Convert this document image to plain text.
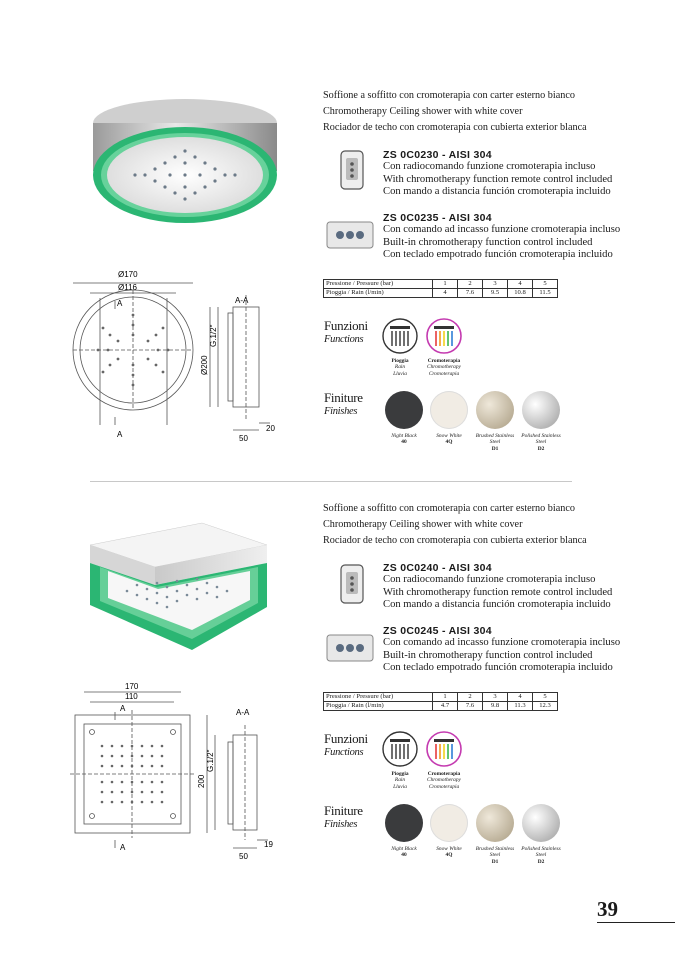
Soffione a soffitto con cromoterapia con carter esterno bianco
Chromotherapy Ceiling shower with white cover
Rociador de techo con cromoterapia con cubierta exterior blanca
ZS 0C0230 - AISI 304
Con radiocomando funzione cromoterapia incluso
With chromotherapy function remote control included
Con mando a distancia función cromoterapia incluido
ZS 0C0235 - AISI 304
Con comando ad incasso funzione cromoterapia incluso
Built-in chromotherapy function control included
Con teclado empotrado función cromoterapia incluido
Pressione / Pressure (bar)	1	2	3	4	5
Pioggia / Rain (l/min)	4	7.6	9.5	10.8	11.5
Ø170
Ø116
A
A
A-A
Ø200
G.1/2"
50
20
Funzioni
Functions
Pioggia
Rain
Lluvia
Cromoterapia
Chromotherapy
Cromoterapia
Finiture
Finishes
Night Black
40
Snow White
4Q
Brushed Stainless Steel
D1
Polished Stainless Steel
D2
Soffione a soffitto con cromoterapia con carter esterno bianco
Chromotherapy Ceiling shower with white cover
Rociador de techo con cromoterapia con cubierta exterior blanca
ZS 0C0240 - AISI 304
Con radiocomando funzione cromoterapia incluso
With chromotherapy function remote control included
Con mando a distancia función cromoterapia incluido
ZS 0C0245 - AISI 304
Con comando ad incasso funzione cromoterapia incluso
Built-in chromotherapy function control included
Con teclado empotrado función cromoterapia incluido
Pressione / Pressure (bar)	1	2	3	4	5
Pioggia / Rain (l/min)	4.7	7.6	9.8	11.3	12.3
170
110
A
A
A-A
200
G.1/2"
50
19
Funzioni
Functions
Pioggia
Rain
Lluvia
Cromoterapia
Chromotherapy
Cromoterapia
Finiture
Finishes
Night Black
40
Snow White
4Q
Brushed Stainless Steel
D1
Polished Stainless Steel
D2
39
